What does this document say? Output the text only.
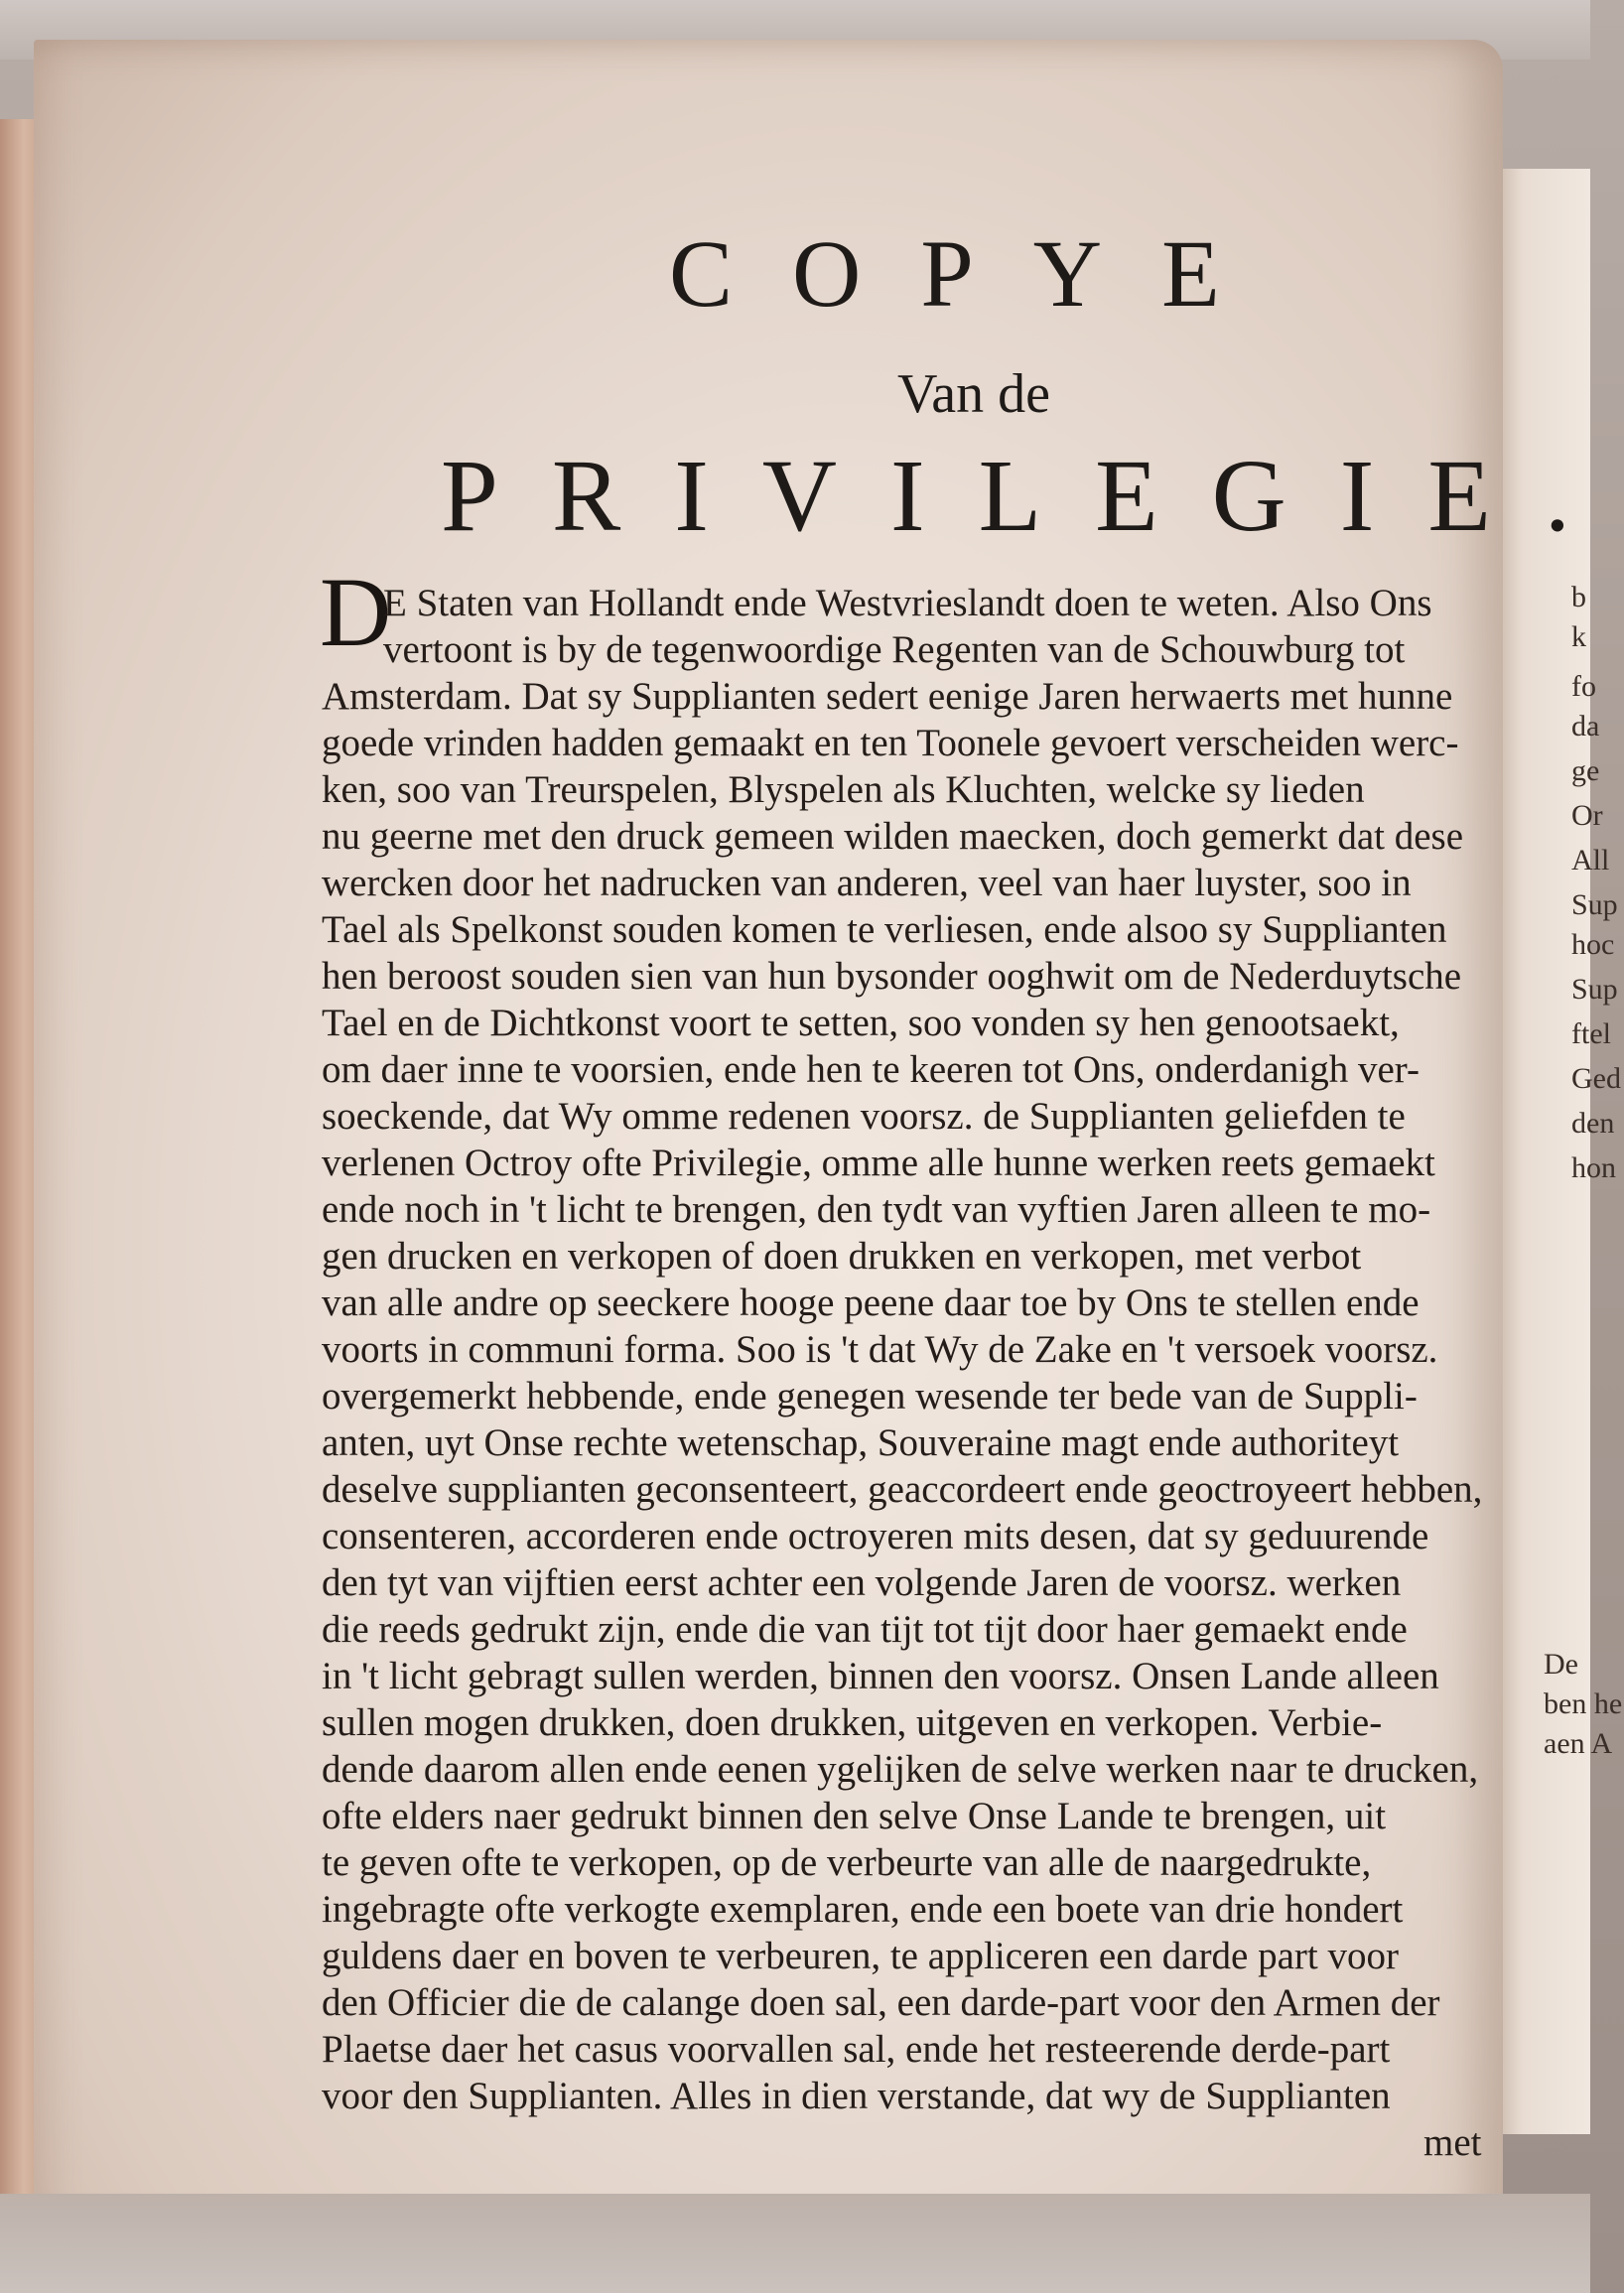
b
k
fo
da
ge
Or
All
Sup
hoc
Sup
ftel
Ged
den
hon
De
ben he
aen A
COPYE
Van de
PRIVILEGIE.
D
E Staten van Hollandt ende Westvrieslandt doen te weten. Also Ons
vertoont is by de tegenwoordige Regenten van de Schouwburg tot
Amsterdam. Dat sy Supplianten sedert eenige Jaren herwaerts met hunne
goede vrinden hadden gemaakt en ten Toonele gevoert verscheiden werc-
ken, soo van Treurspelen, Blyspelen als Kluchten, welcke sy lieden
nu geerne met den druck gemeen wilden maecken, doch gemerkt dat dese
wercken door het nadrucken van anderen, veel van haer luyster, soo in
Tael als Spelkonst souden komen te verliesen, ende alsoo sy Supplianten
hen beroost souden sien van hun bysonder ooghwit om de Nederduytsche
Tael en de Dichtkonst voort te setten, soo vonden sy hen genootsaekt,
om daer inne te voorsien, ende hen te keeren tot Ons, onderdanigh ver-
soeckende, dat Wy omme redenen voorsz. de Supplianten geliefden te
verlenen Octroy ofte Privilegie, omme alle hunne werken reets gemaekt
ende noch in 't licht te brengen, den tydt van vyftien Jaren alleen te mo-
gen drucken en verkopen of doen drukken en verkopen, met verbot
van alle andre op seeckere hooge peene daar toe by Ons te stellen ende
voorts in communi forma. Soo is 't dat Wy de Zake en 't versoek voorsz.
overgemerkt hebbende, ende genegen wesende ter bede van de Suppli-
anten, uyt Onse rechte wetenschap, Souveraine magt ende authoriteyt
deselve supplianten geconsenteert, geaccordeert ende geoctroyeert hebben,
consenteren, accorderen ende octroyeren mits desen, dat sy geduurende
den tyt van vijftien eerst achter een volgende Jaren de voorsz. werken
die reeds gedrukt zijn, ende die van tijt tot tijt door haer gemaekt ende
in 't licht gebragt sullen werden, binnen den voorsz. Onsen Lande alleen
sullen mogen drukken, doen drukken, uitgeven en verkopen. Verbie-
dende daarom allen ende eenen ygelijken de selve werken naar te drucken,
ofte elders naer gedrukt binnen den selve Onse Lande te brengen, uit
te geven ofte te verkopen, op de verbeurte van alle de naargedrukte,
ingebragte ofte verkogte exemplaren, ende een boete van drie hondert
guldens daer en boven te verbeuren, te appliceren een darde part voor
den Officier die de calange doen sal, een darde-part voor den Armen der
Plaetse daer het casus voorvallen sal, ende het resteerende derde-part
voor den Supplianten. Alles in dien verstande, dat wy de Supplianten
met
